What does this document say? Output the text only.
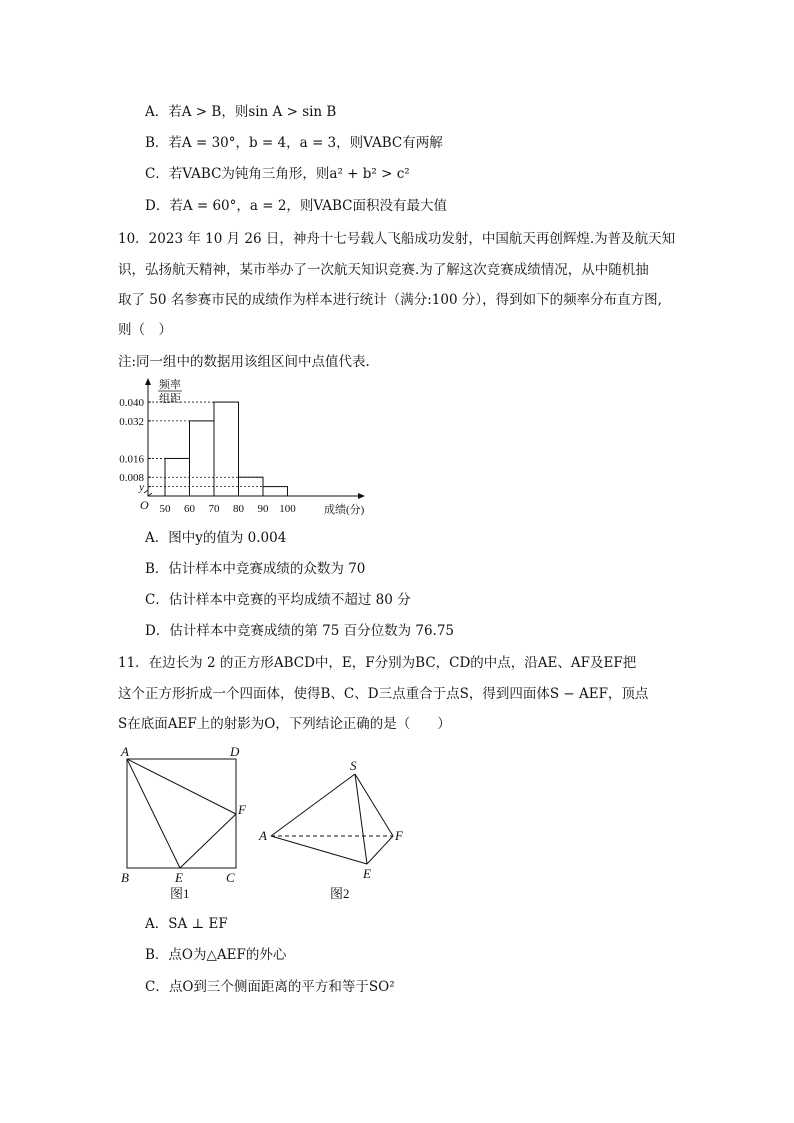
A．若A > B，则sin A > sin B
B．若A = 30°，b = 4，a = 3，则VABC有两解
C．若VABC为钝角三角形，则a² + b² > c²
D．若A = 60°，a = 2，则VABC面积没有最大值
10．2023 年 10 月 26 日，神舟十七号载人飞船成功发射，中国航天再创辉煌.为普及航天知
识，弘扬航天精神，某市举办了一次航天知识竞赛.为了解这次竞赛成绩情况，从中随机抽
取了 50 名参赛市民的成绩作为样本进行统计（满分:100 分），得到如下的频率分布直方图,
则（　）
注:同一组中的数据用该组区间中点值代表.
频率
组距
O	成绩(分)
0.040
0.032
0.016
0.008
y
50 60 70 80 90 100
A．图中y的值为 0.004
B．估计样本中竞赛成绩的众数为 70
C．估计样本中竞赛的平均成绩不超过 80 分
D．估计样本中竞赛成绩的第 75 百分位数为 76.75
11．在边长为 2 的正方形ABCD中，E，F分别为BC，CD的中点，沿AE、AF及EF把
这个正方形折成一个四面体，使得B、C、D三点重合于点S，得到四面体S − AEF，顶点
S在底面AEF上的射影为O，下列结论正确的是（　　）
A	D
F
B	E	C
图1
S
A	F
E
图2
A．SA ⊥ EF
B．点O为△AEF的外心
C．点O到三个侧面距离的平方和等于SO²
